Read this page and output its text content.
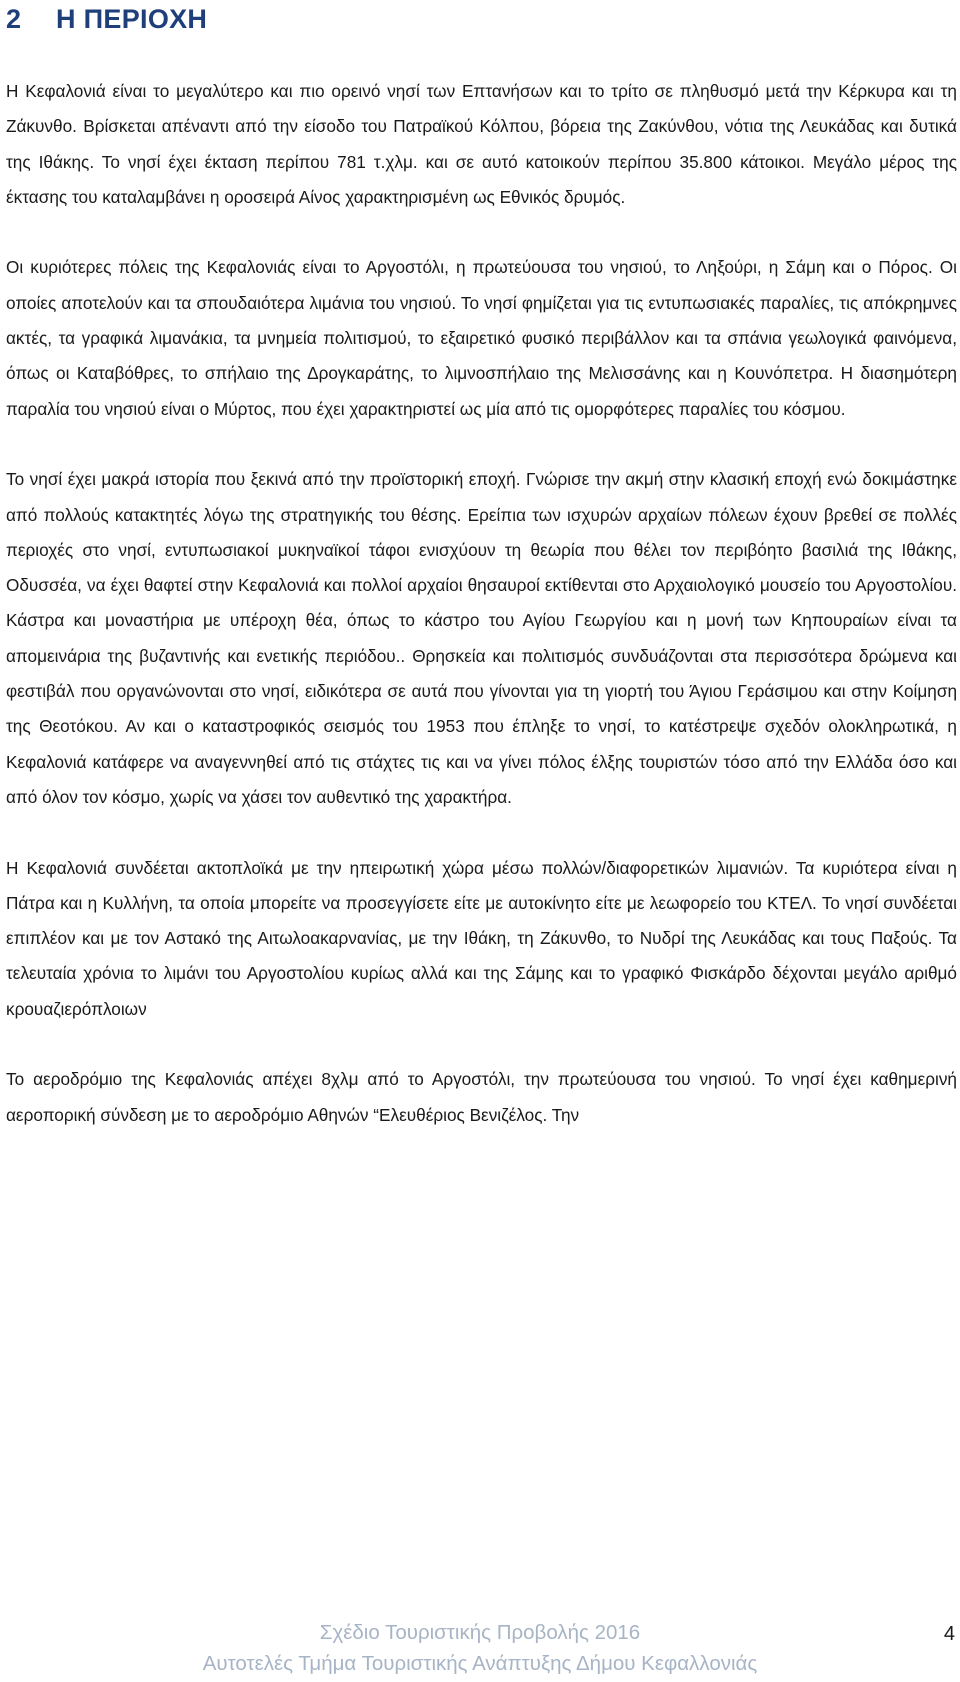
2	Η ΠΕΡΙΟΧΗ

Η Κεφαλονιά είναι το μεγαλύτερο και πιο ορεινό νησί των Επτανήσων και το τρίτο σε πληθυσμό μετά την Κέρκυρα και τη Ζάκυνθο. Βρίσκεται απέναντι από την είσοδο του Πατραϊκού Κόλπου, βόρεια της Ζακύνθου, νότια της Λευκάδας και δυτικά της Ιθάκης. Το νησί έχει έκταση περίπου 781 τ.χλμ. και σε αυτό κατοικούν περίπου 35.800 κάτοικοι. Μεγάλο μέρος της έκτασης του καταλαμβάνει η οροσειρά Αίνος χαρακτηρισμένη ως Εθνικός δρυμός.

Οι κυριότερες πόλεις της Κεφαλονιάς είναι το Αργοστόλι, η πρωτεύουσα του νησιού, το Ληξούρι, η Σάμη και ο Πόρος. Οι οποίες αποτελούν και τα σπουδαιότερα λιμάνια του νησιού. Το νησί φημίζεται για τις εντυπωσιακές παραλίες, τις απόκρημνες ακτές, τα γραφικά λιμανάκια, τα μνημεία πολιτισμού, το εξαιρετικό φυσικό περιβάλλον και τα σπάνια γεωλογικά φαινόμενα, όπως οι Καταβόθρες, το σπήλαιο της Δρογκαράτης, το λιμνοσπήλαιο της Μελισσάνης και η Κουνόπετρα. Η διασημότερη παραλία του νησιού είναι ο Μύρτος, που έχει χαρακτηριστεί ως μία από τις ομορφότερες παραλίες του κόσμου.

Το νησί έχει μακρά ιστορία που ξεκινά από την προϊστορική εποχή. Γνώρισε την ακμή στην κλασική εποχή ενώ δοκιμάστηκε από πολλούς κατακτητές λόγω της στρατηγικής του θέσης. Ερείπια των ισχυρών αρχαίων πόλεων έχουν βρεθεί σε πολλές περιοχές στο νησί, εντυπωσιακοί μυκηναϊκοί τάφοι ενισχύουν τη θεωρία που θέλει τον περιβόητο βασιλιά της Ιθάκης, Οδυσσέα, να έχει θαφτεί στην Κεφαλονιά και πολλοί αρχαίοι θησαυροί εκτίθενται στο Αρχαιολογικό μουσείο του Αργοστολίου. Κάστρα και μοναστήρια με υπέροχη θέα, όπως το κάστρο του Αγίου Γεωργίου και η μονή των Κηπουραίων είναι τα απομεινάρια της βυζαντινής και ενετικής περιόδου.. Θρησκεία και πολιτισμός συνδυάζονται στα περισσότερα δρώμενα και φεστιβάλ που οργανώνονται στο νησί, ειδικότερα σε αυτά που γίνονται για τη γιορτή του Άγιου Γεράσιμου και στην Κοίμηση της Θεοτόκου. Αν και ο καταστροφικός σεισμός του 1953 που έπληξε το νησί, το κατέστρεψε σχεδόν ολοκληρωτικά, η Κεφαλονιά κατάφερε να αναγεννηθεί από τις στάχτες τις και να γίνει πόλος έλξης τουριστών τόσο από την Ελλάδα όσο και από όλον τον κόσμο, χωρίς να χάσει τον αυθεντικό της χαρακτήρα.

Η Κεφαλονιά συνδέεται ακτοπλοϊκά με την ηπειρωτική χώρα μέσω πολλών/διαφορετικών λιμανιών. Τα κυριότερα είναι η Πάτρα και η Κυλλήνη, τα οποία μπορείτε να προσεγγίσετε είτε με αυτοκίνητο είτε με λεωφορείο του ΚΤΕΛ. Το νησί συνδέεται επιπλέον και με τον Αστακό της Αιτωλοακαρνανίας, με την Ιθάκη, τη Ζάκυνθο, το Νυδρί της Λευκάδας και τους Παξούς. Τα τελευταία χρόνια το λιμάνι του Αργοστολίου κυρίως αλλά και της Σάμης και το γραφικό Φισκάρδο δέχονται μεγάλο αριθμό κρουαζιερόπλοιων

Το αεροδρόμιο της Κεφαλονιάς απέχει 8χλμ από το Αργοστόλι, την πρωτεύουσα του νησιού. Το νησί έχει καθημερινή αεροπορική σύνδεση με το αεροδρόμιο Αθηνών “Ελευθέριος Βενιζέλος. Την

Σχέδιο Τουριστικής Προβολής 2016
Αυτοτελές Τμήμα Τουριστικής Ανάπτυξης Δήμου Κεφαλλονιάς
4
